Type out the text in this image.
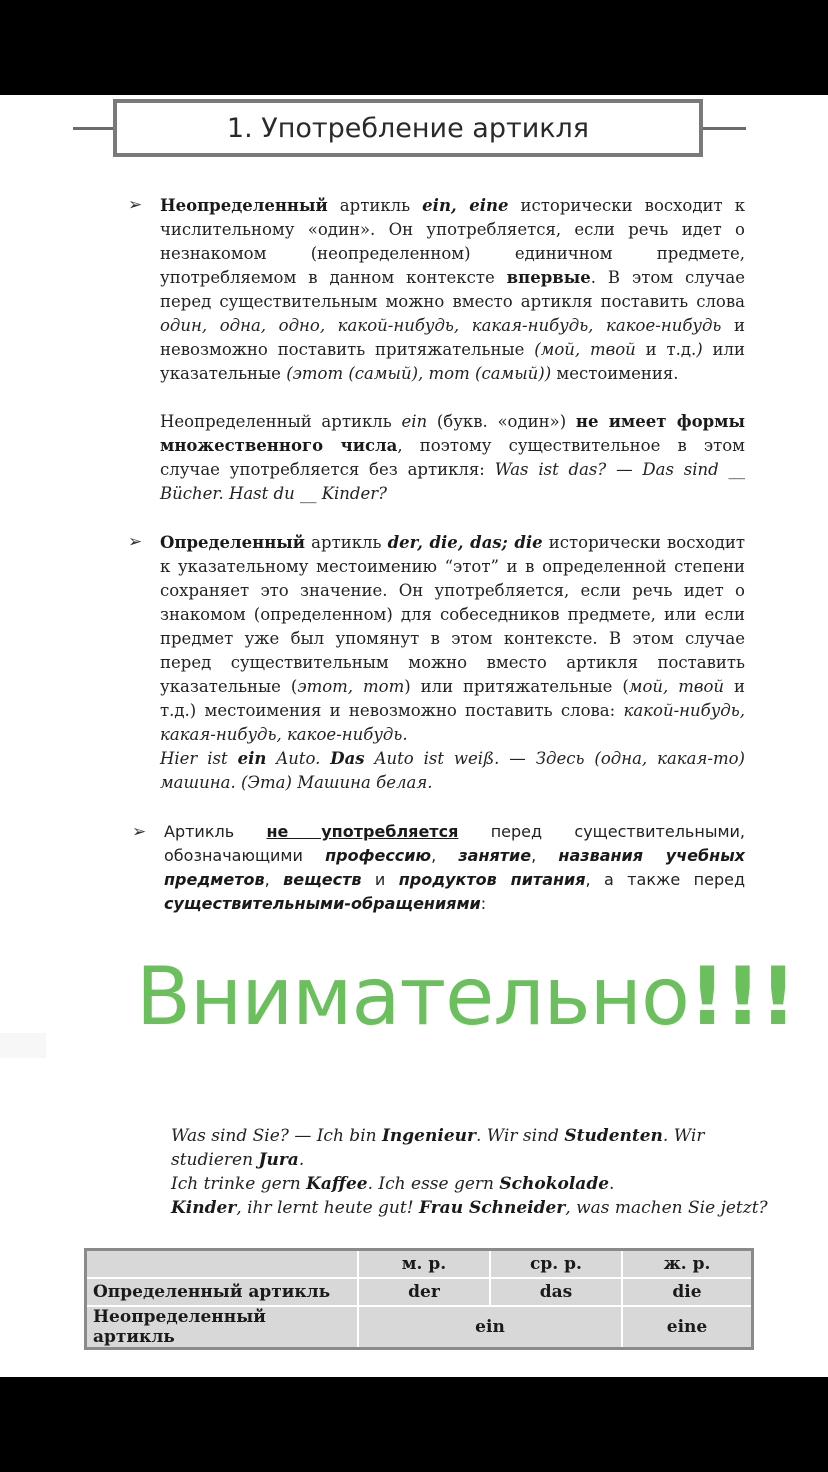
1. Употребление артикля
➢ Неопределенный артикль ein, eine исторически восходит к числительному «один». Он употребляется, если речь идет о незнакомом (неопределенном) единичном предмете, употребляемом в данном контексте впервые. В этом случае перед существительным можно вместо артикля поставить слова один, одна, одно, какой-нибудь, какая-нибудь, какое-нибудь и невозможно поставить притяжательные (мой, твой и т.д.) или указательные (этот (самый), тот (самый)) местоимения.
Неопределенный артикль ein (букв. «один») не имеет формы множественного числа, поэтому существительное в этом случае употребляется без артикля: Was ist das? — Das sind __ Bücher. Hast du __ Kinder?
➢ Определенный артикль der, die, das; die исторически восходит к указательному местоимению “этот” и в определенной степени сохраняет это значение. Он употребляется, если речь идет о знакомом (определенном) для собеседников предмете, или если предмет уже был упомянут в этом контексте. В этом случае перед существительным можно вместо артикля поставить указательные (этот, тот) или притяжательные (мой, твой и т.д.) местоимения и невозможно поставить слова: какой-нибудь, какая-нибудь, какое-нибудь.
Hier ist ein Auto. Das Auto ist weiß. — Здесь (одна, какая-то) машина. (Эта) Машина белая.
➢ Артикль не употребляется перед существительными, обозначающими профессию, занятие, названия учебных предметов, веществ и продуктов питания, а также перед существительными-обращениями:
Внимательно!!!
Was sind Sie? — Ich bin Ingenieur. Wir sind Studenten. Wir studieren Jura.
Ich trinke gern Kaffee. Ich esse gern Schokolade.
Kinder, ihr lernt heute gut! Frau Schneider, was machen Sie jetzt?
	м. р.	ср. р.	ж. р.
Определенный артикль	der	das	die
Неопределенный артикль	ein		eine
